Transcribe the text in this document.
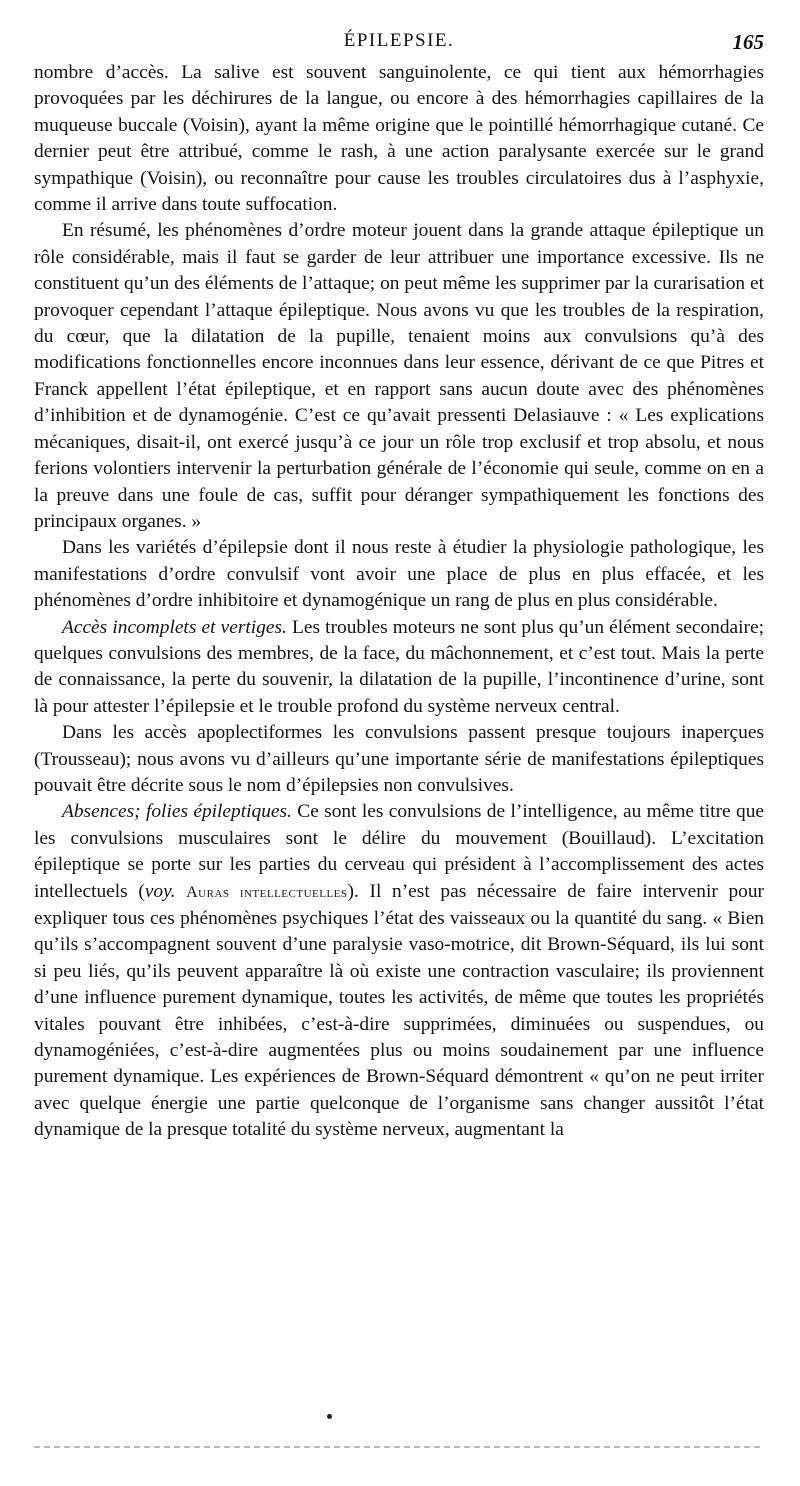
ÉPILEPSIE.	165

nombre d’accès. La salive est souvent sanguinolente, ce qui tient aux hémorrhagies provoquées par les déchirures de la langue, ou encore à des hémorrhagies capillaires de la muqueuse buccale (Voisin), ayant la même origine que le pointillé hémorrhagique cutané. Ce dernier peut être attribué, comme le rash, à une action paralysante exercée sur le grand sympathique (Voisin), ou reconnaître pour cause les troubles circulatoires dus à l’asphyxie, comme il arrive dans toute suffocation.

En résumé, les phénomènes d’ordre moteur jouent dans la grande attaque épileptique un rôle considérable, mais il faut se garder de leur attribuer une importance excessive. Ils ne constituent qu’un des éléments de l’attaque; on peut même les supprimer par la curarisation et provoquer cependant l’attaque épileptique. Nous avons vu que les troubles de la respiration, du cœur, que la dilatation de la pupille, tenaient moins aux convulsions qu’à des modifications fonctionnelles encore inconnues dans leur essence, dérivant de ce que Pitres et Franck appellent l’état épileptique, et en rapport sans aucun doute avec des phénomènes d’inhibition et de dynamogénie. C’est ce qu’avait pressenti Delasiauve : « Les explications mécaniques, disait-il, ont exercé jusqu’à ce jour un rôle trop exclusif et trop absolu, et nous ferions volontiers intervenir la perturbation générale de l’économie qui seule, comme on en a la preuve dans une foule de cas, suffit pour déranger sympathiquement les fonctions des principaux organes. »

Dans les variétés d’épilepsie dont il nous reste à étudier la physiologie pathologique, les manifestations d’ordre convulsif vont avoir une place de plus en plus effacée, et les phénomènes d’ordre inhibitoire et dynamogénique un rang de plus en plus considérable.

Accès incomplets et vertiges. Les troubles moteurs ne sont plus qu’un élément secondaire; quelques convulsions des membres, de la face, du mâchonnement, et c’est tout. Mais la perte de connaissance, la perte du souvenir, la dilatation de la pupille, l’incontinence d’urine, sont là pour attester l’épilepsie et le trouble profond du système nerveux central.

Dans les accès apoplectiformes les convulsions passent presque toujours inaperçues (Trousseau); nous avons vu d’ailleurs qu’une importante série de manifestations épileptiques pouvait être décrite sous le nom d’épilepsies non convulsives.

Absences; folies épileptiques. Ce sont les convulsions de l’intelligence, au même titre que les convulsions musculaires sont le délire du mouvement (Bouillaud). L’excitation épileptique se porte sur les parties du cerveau qui président à l’accomplissement des actes intellectuels (voy. Auras intellectuelles). Il n’est pas nécessaire de faire intervenir pour expliquer tous ces phénomènes psychiques l’état des vaisseaux ou la quantité du sang. « Bien qu’ils s’accompagnent souvent d’une paralysie vaso-motrice, dit Brown-Séquard, ils lui sont si peu liés, qu’ils peuvent apparaître là où existe une contraction vasculaire; ils proviennent d’une influence purement dynamique, toutes les activités, de même que toutes les propriétés vitales pouvant être inhibées, c’est-à-dire supprimées, diminuées ou suspendues, ou dynamogéniées, c’est-à-dire augmentées plus ou moins soudainement par une influence purement dynamique. Les expériences de Brown-Séquard démontrent « qu’on ne peut irriter avec quelque énergie une partie quelconque de l’organisme sans changer aussitôt l’état dynamique de la presque totalité du système nerveux, augmentant la
